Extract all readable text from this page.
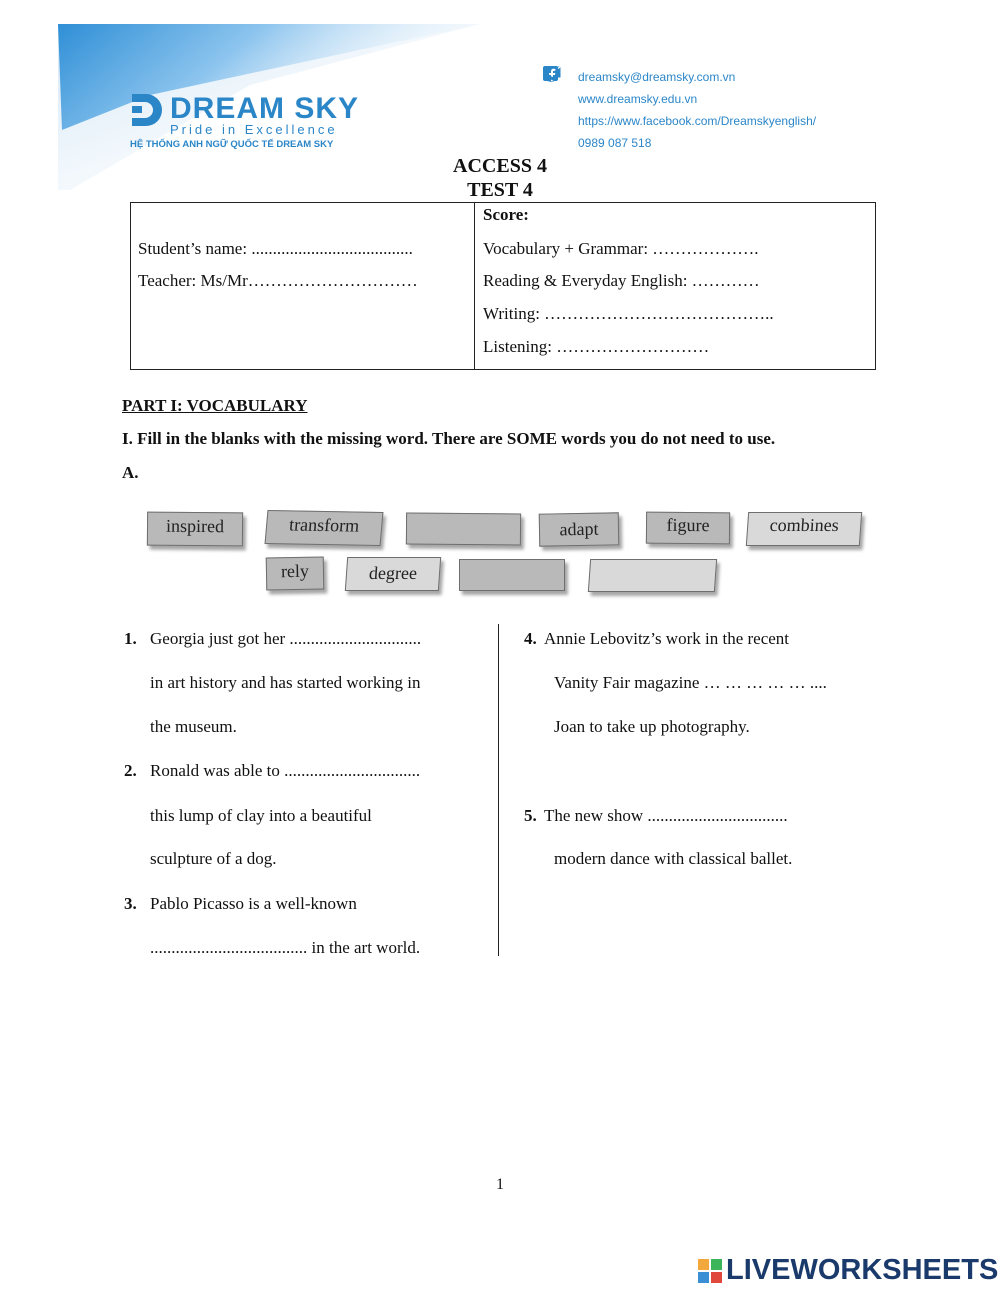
DREAM SKY
Pride in Excellence
HỆ THỐNG ANH NGỮ QUỐC TẾ DREAM SKY
dreamsky@dreamsky.com.vn
www.dreamsky.edu.vn
https://www.facebook.com/Dreamskyenglish/
0989 087 518
ACCESS 4
TEST 4
Student’s name: ......................................
Teacher: Ms/Mr…………………………
Score:
Vocabulary + Grammar: ……………….
Reading & Everyday English: …………
Writing: …………………………………..
Listening: ………………………
PART I: VOCABULARY
I. Fill in the blanks with the missing word. There are SOME words you do not need to use.
A.
inspired	transform	adapt	figure	combines
rely	degree
1. Georgia just got her ...............................
in art history and has started working in
the museum.
2. Ronald was able to ................................
this lump of clay into a beautiful
sculpture of a dog.
3. Pablo Picasso is a well-known
..................................... in the art world.
4. Annie Lebovitz’s work in the recent
Vanity Fair magazine … … … … … ....
Joan to take up photography.
5. The new show .................................
modern dance with classical ballet.
1
LIVEWORKSHEETS
